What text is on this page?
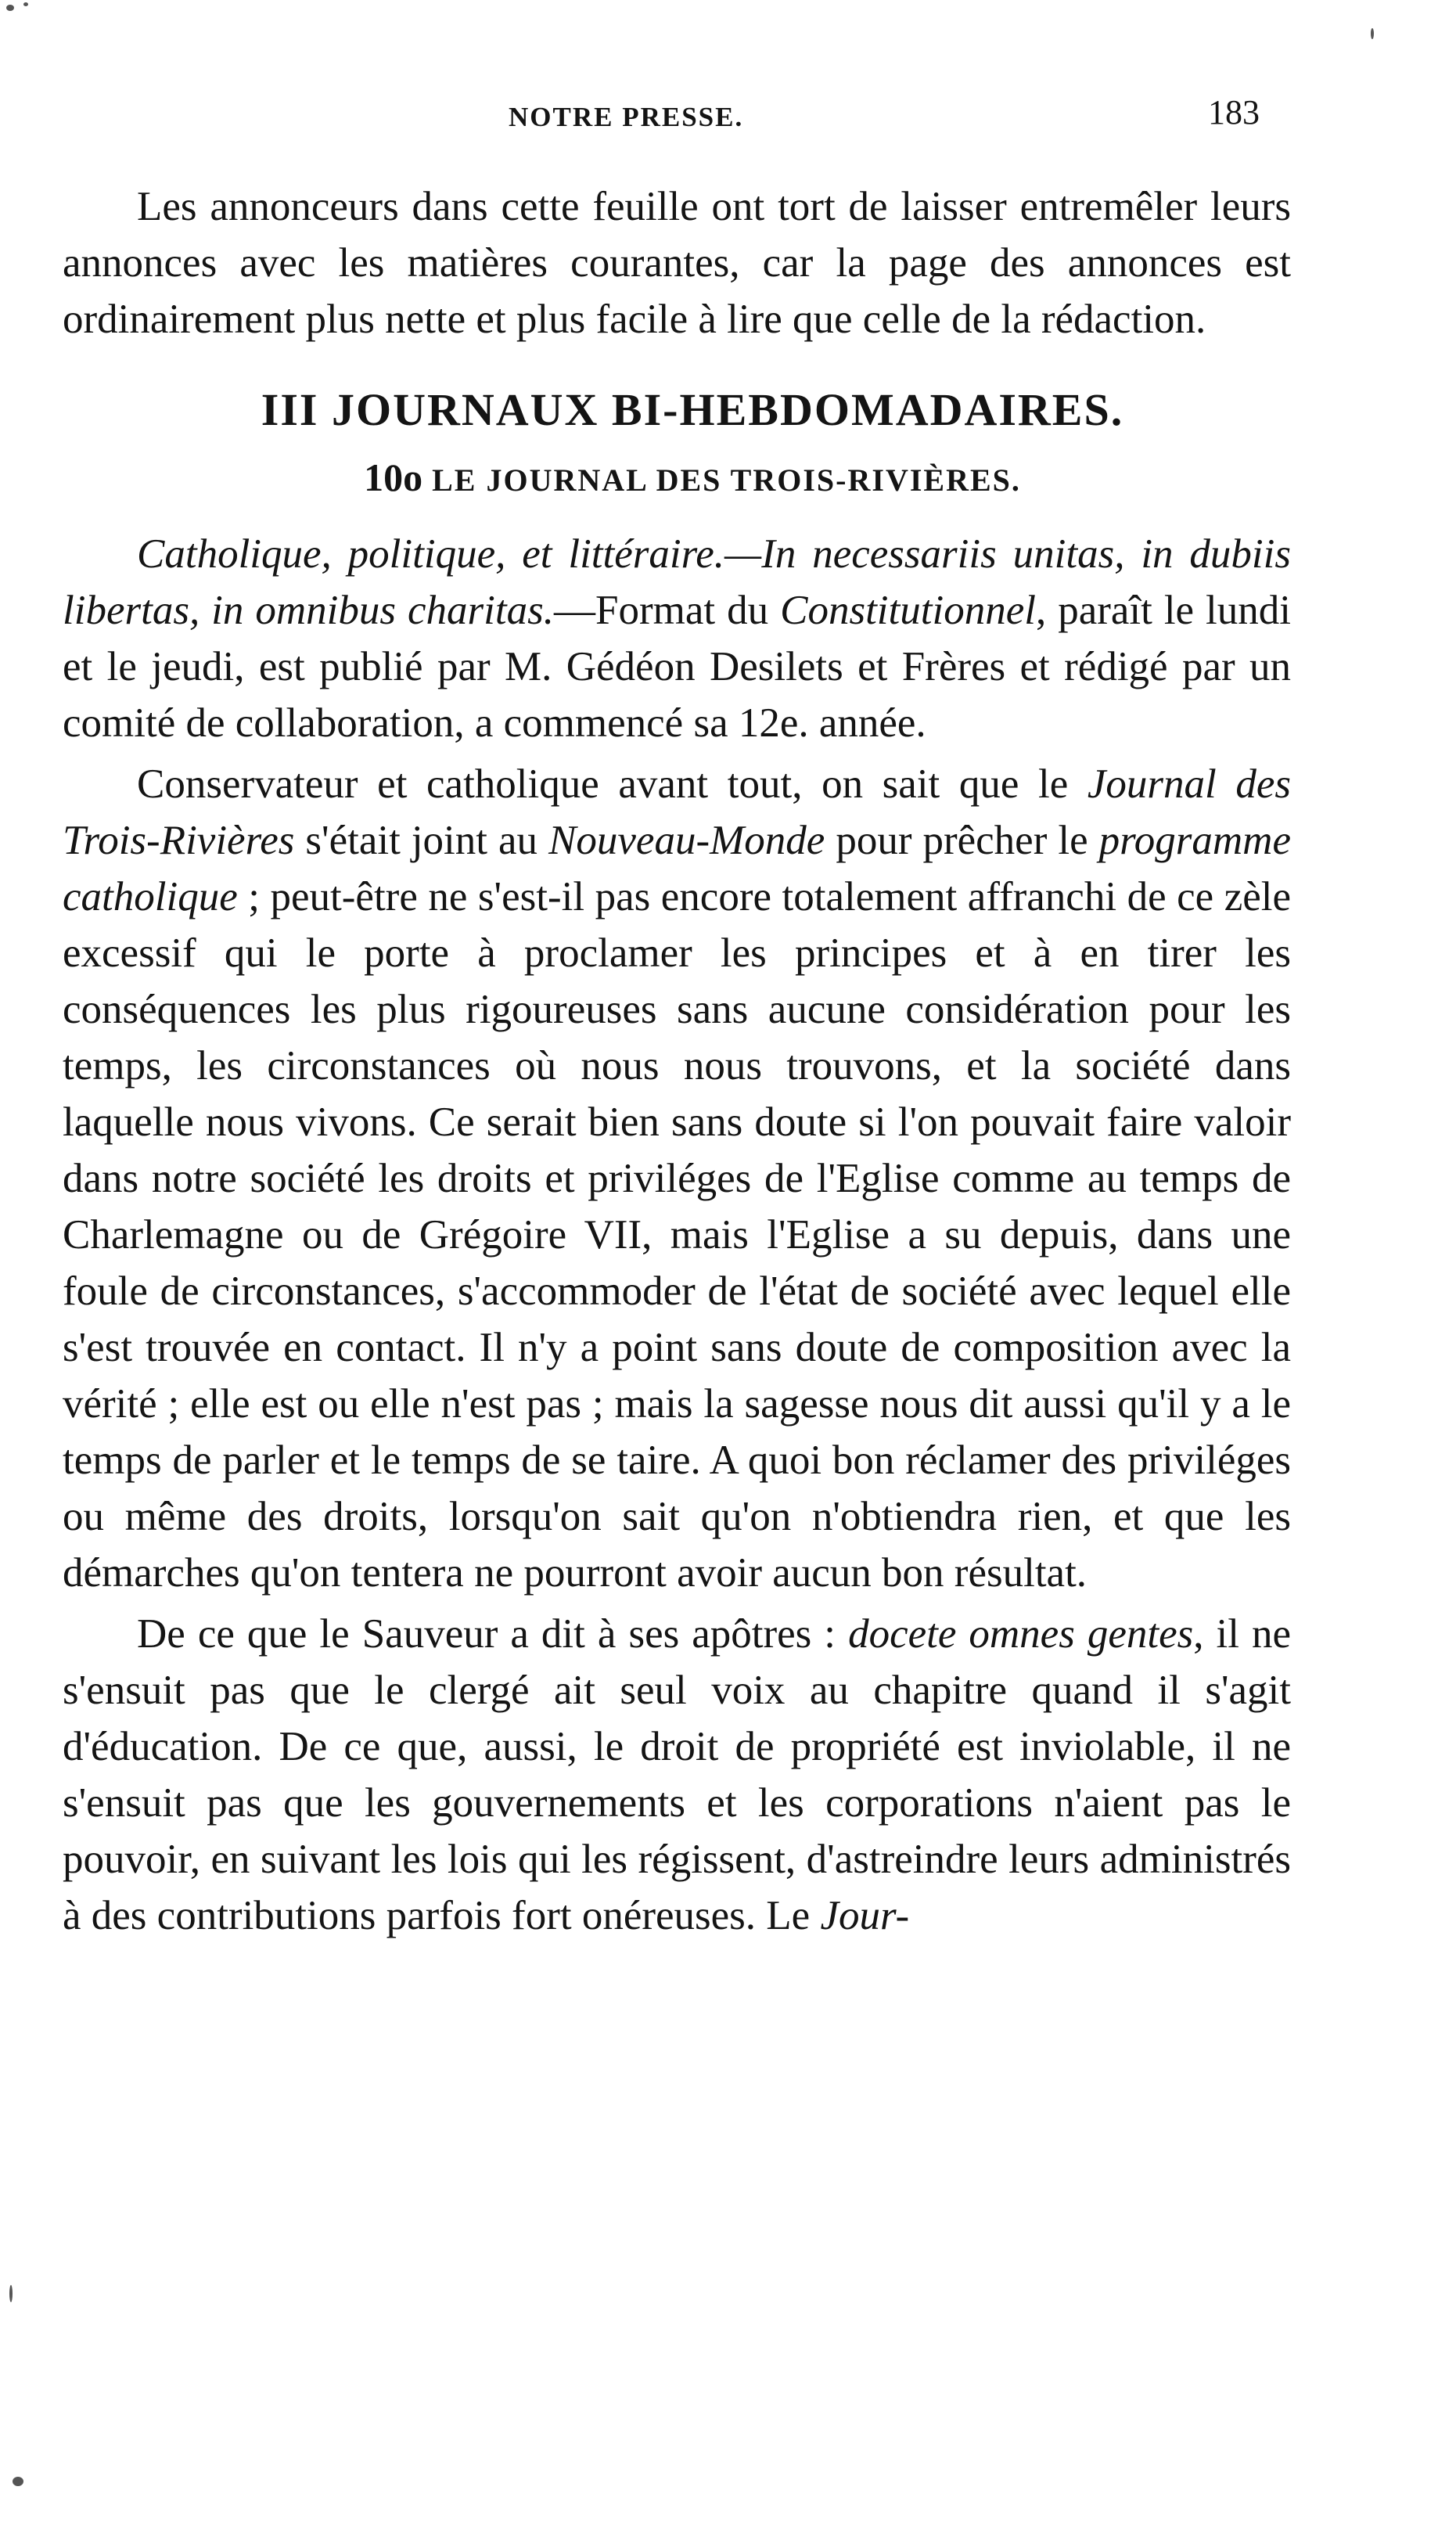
NOTRE PRESSE.	183

Les annonceurs dans cette feuille ont tort de laisser entremêler leurs annonces avec les matières courantes, car la page des annonces est ordinairement plus nette et plus facile à lire que celle de la rédaction.

III JOURNAUX BI-HEBDOMADAIRES.
10o LE JOURNAL DES TROIS-RIVIÈRES.

Catholique, politique, et littéraire.—In necessariis unitas, in dubiis libertas, in omnibus charitas.—Format du Constitutionnel, paraît le lundi et le jeudi, est publié par M. Gédéon Desilets et Frères et rédigé par un comité de collaboration, a commencé sa 12e. année.

Conservateur et catholique avant tout, on sait que le Journal des Trois-Rivières s'était joint au Nouveau-Monde pour prêcher le programme catholique ; peut-être ne s'est-il pas encore totalement affranchi de ce zèle excessif qui le porte à proclamer les principes et à en tirer les conséquences les plus rigoureuses sans aucune considération pour les temps, les circonstances où nous nous trouvons, et la société dans laquelle nous vivons. Ce serait bien sans doute si l'on pouvait faire valoir dans notre société les droits et priviléges de l'Eglise comme au temps de Charlemagne ou de Grégoire VII, mais l'Eglise a su depuis, dans une foule de circonstances, s'accommoder de l'état de société avec lequel elle s'est trouvée en contact. Il n'y a point sans doute de composition avec la vérité ; elle est ou elle n'est pas ; mais la sagesse nous dit aussi qu'il y a le temps de parler et le temps de se taire. A quoi bon réclamer des priviléges ou même des droits, lorsqu'on sait qu'on n'obtiendra rien, et que les démarches qu'on tentera ne pourront avoir aucun bon résultat.

De ce que le Sauveur a dit à ses apôtres : docete omnes gentes, il ne s'ensuit pas que le clergé ait seul voix au chapitre quand il s'agit d'éducation. De ce que, aussi, le droit de propriété est inviolable, il ne s'ensuit pas que les gouvernements et les corporations n'aient pas le pouvoir, en suivant les lois qui les régissent, d'astreindre leurs administrés à des contributions parfois fort onéreuses. Le Jour-
